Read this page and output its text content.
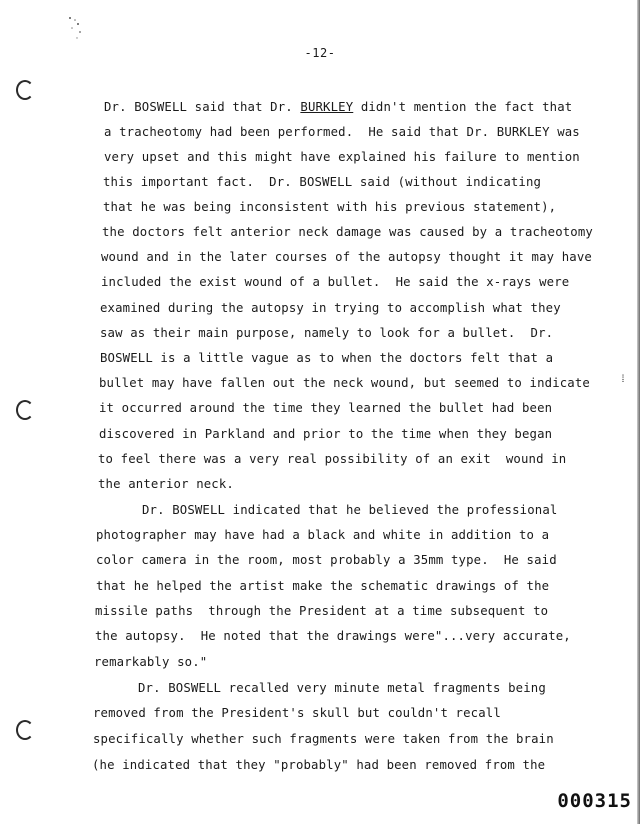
-12-
Dr. BOSWELL said that Dr. BURKLEY didn't mention the fact that
a tracheotomy had been performed.  He said that Dr. BURKLEY was
very upset and this might have explained his failure to mention
this important fact.  Dr. BOSWELL said (without indicating
that he was being inconsistent with his previous statement),
the doctors felt anterior neck damage was caused by a tracheotomy
wound and in the later courses of the autopsy thought it may have
included the exist wound of a bullet.  He said the x-rays were
examined during the autopsy in trying to accomplish what they
saw as their main purpose, namely to look for a bullet.  Dr.
BOSWELL is a little vague as to when the doctors felt that a
bullet may have fallen out the neck wound, but seemed to indicate
it occurred around the time they learned the bullet had been
discovered in Parkland and prior to the time when they began
to feel there was a very real possibility of an exit  wound in
the anterior neck.
Dr. BOSWELL indicated that he believed the professional
photographer may have had a black and white in addition to a
color camera in the room, most probably a 35mm type.  He said
that he helped the artist make the schematic drawings of the
missile paths  through the President at a time subsequent to
the autopsy.  He noted that the drawings were"...very accurate,
remarkably so."
Dr. BOSWELL recalled very minute metal fragments being
removed from the President's skull but couldn't recall
specifically whether such fragments were taken from the brain
(he indicated that they "probably" had been removed from the
⁞
000315
